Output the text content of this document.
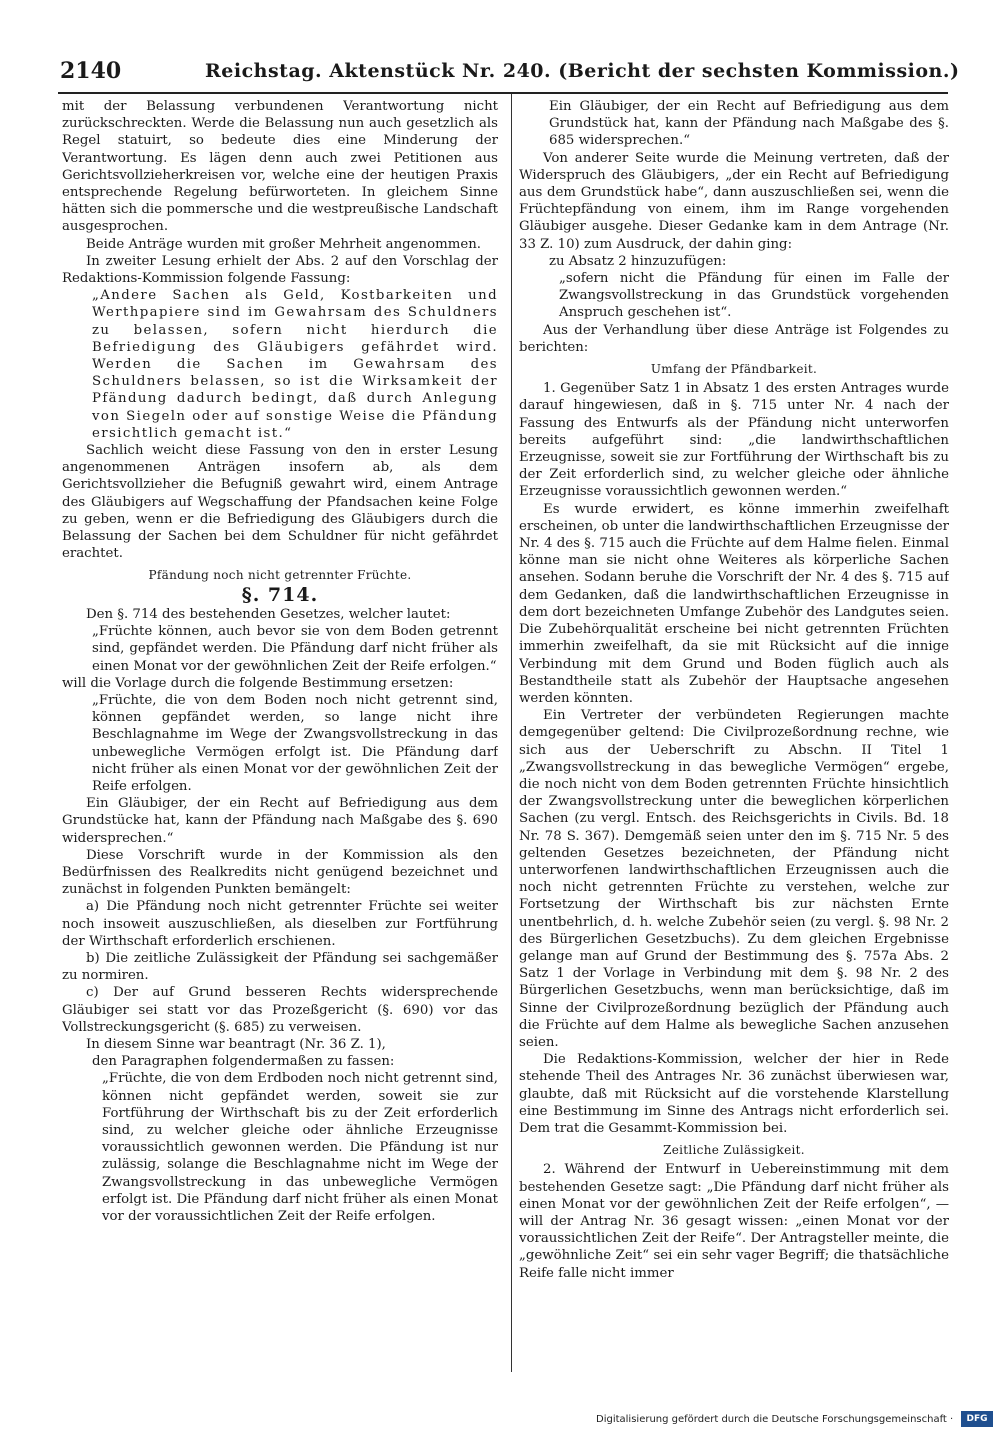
2140	Reichstag. Aktenstück Nr. 240. (Bericht der sechsten Kommission.)

mit der Belassung verbundenen Verantwortung nicht zurückschreckten. Werde die Belassung nun auch gesetzlich als Regel statuirt, so bedeute dies eine Minderung der Verantwortung. Es lägen denn auch zwei Petitionen aus Gerichtsvollzieherkreisen vor, welche eine der heutigen Praxis entsprechende Regelung befürworteten. In gleichem Sinne hätten sich die pommersche und die westpreußische Landschaft ausgesprochen.

Beide Anträge wurden mit großer Mehrheit angenommen.

In zweiter Lesung erhielt der Abs. 2 auf den Vorschlag der Redaktions-Kommission folgende Fassung:

„Andere Sachen als Geld, Kostbarkeiten und Werthpapiere sind im Gewahrsam des Schuldners zu belassen, sofern nicht hierdurch die Befriedigung des Gläubigers gefährdet wird. Werden die Sachen im Gewahrsam des Schuldners belassen, so ist die Wirksamkeit der Pfändung dadurch bedingt, daß durch Anlegung von Siegeln oder auf sonstige Weise die Pfändung ersichtlich gemacht ist.“

Sachlich weicht diese Fassung von den in erster Lesung angenommenen Anträgen insofern ab, als dem Gerichtsvollzieher die Befugniß gewahrt wird, einem Antrage des Gläubigers auf Wegschaffung der Pfandsachen keine Folge zu geben, wenn er die Befriedigung des Gläubigers durch die Belassung der Sachen bei dem Schuldner für nicht gefährdet erachtet.

Pfändung noch nicht getrennter Früchte.
§. 714.

Den §. 714 des bestehenden Gesetzes, welcher lautet:

„Früchte können, auch bevor sie von dem Boden getrennt sind, gepfändet werden. Die Pfändung darf nicht früher als einen Monat vor der gewöhnlichen Zeit der Reife erfolgen.“

will die Vorlage durch die folgende Bestimmung ersetzen:

„Früchte, die von dem Boden noch nicht getrennt sind, können gepfändet werden, so lange nicht ihre Beschlagnahme im Wege der Zwangsvollstreckung in das unbewegliche Vermögen erfolgt ist. Die Pfändung darf nicht früher als einen Monat vor der gewöhnlichen Zeit der Reife erfolgen.

Ein Gläubiger, der ein Recht auf Befriedigung aus dem Grundstücke hat, kann der Pfändung nach Maßgabe des §. 690 widersprechen.“

Diese Vorschrift wurde in der Kommission als den Bedürfnissen des Realkredits nicht genügend bezeichnet und zunächst in folgenden Punkten bemängelt:

a) Die Pfändung noch nicht getrennter Früchte sei weiter noch insoweit auszuschließen, als dieselben zur Fortführung der Wirthschaft erforderlich erschienen.

b) Die zeitliche Zulässigkeit der Pfändung sei sachgemäßer zu normiren.

c) Der auf Grund besseren Rechts widersprechende Gläubiger sei statt vor das Prozeßgericht (§. 690) vor das Vollstreckungsgericht (§. 685) zu verweisen.

In diesem Sinne war beantragt (Nr. 36 Z. 1),

den Paragraphen folgendermaßen zu fassen:

„Früchte, die von dem Erdboden noch nicht getrennt sind, können nicht gepfändet werden, soweit sie zur Fortführung der Wirthschaft bis zu der Zeit erforderlich sind, zu welcher gleiche oder ähnliche Erzeugnisse voraussichtlich gewonnen werden. Die Pfändung ist nur zulässig, solange die Beschlagnahme nicht im Wege der Zwangsvollstreckung in das unbewegliche Vermögen erfolgt ist. Die Pfändung darf nicht früher als einen Monat vor der voraussichtlichen Zeit der Reife erfolgen.

Ein Gläubiger, der ein Recht auf Befriedigung aus dem Grundstück hat, kann der Pfändung nach Maßgabe des §. 685 widersprechen.“

Von anderer Seite wurde die Meinung vertreten, daß der Widerspruch des Gläubigers, „der ein Recht auf Befriedigung aus dem Grundstück habe“, dann auszuschließen sei, wenn die Früchtepfändung von einem, ihm im Range vorgehenden Gläubiger ausgehe. Dieser Gedanke kam in dem Antrage (Nr. 33 Z. 10) zum Ausdruck, der dahin ging:

zu Absatz 2 hinzuzufügen:

„sofern nicht die Pfändung für einen im Falle der Zwangsvollstreckung in das Grundstück vorgehenden Anspruch geschehen ist“.

Aus der Verhandlung über diese Anträge ist Folgendes zu berichten:

Umfang der Pfändbarkeit.

1. Gegenüber Satz 1 in Absatz 1 des ersten Antrages wurde darauf hingewiesen, daß in §. 715 unter Nr. 4 nach der Fassung des Entwurfs als der Pfändung nicht unterworfen bereits aufgeführt sind: „die landwirthschaftlichen Erzeugnisse, soweit sie zur Fortführung der Wirthschaft bis zu der Zeit erforderlich sind, zu welcher gleiche oder ähnliche Erzeugnisse voraussichtlich gewonnen werden.“

Es wurde erwidert, es könne immerhin zweifelhaft erscheinen, ob unter die landwirthschaftlichen Erzeugnisse der Nr. 4 des §. 715 auch die Früchte auf dem Halme fielen. Einmal könne man sie nicht ohne Weiteres als körperliche Sachen ansehen. Sodann beruhe die Vorschrift der Nr. 4 des §. 715 auf dem Gedanken, daß die landwirthschaftlichen Erzeugnisse in dem dort bezeichneten Umfange Zubehör des Landgutes seien. Die Zubehörqualität erscheine bei nicht getrennten Früchten immerhin zweifelhaft, da sie mit Rücksicht auf die innige Verbindung mit dem Grund und Boden füglich auch als Bestandtheile statt als Zubehör der Hauptsache angesehen werden könnten.

Ein Vertreter der verbündeten Regierungen machte demgegenüber geltend: Die Civilprozeßordnung rechne, wie sich aus der Ueberschrift zu Abschn. II Titel 1 „Zwangsvollstreckung in das bewegliche Vermögen“ ergebe, die noch nicht von dem Boden getrennten Früchte hinsichtlich der Zwangsvollstreckung unter die beweglichen körperlichen Sachen (zu vergl. Entsch. des Reichsgerichts in Civils. Bd. 18 Nr. 78 S. 367). Demgemäß seien unter den im §. 715 Nr. 5 des geltenden Gesetzes bezeichneten, der Pfändung nicht unterworfenen landwirthschaftlichen Erzeugnissen auch die noch nicht getrennten Früchte zu verstehen, welche zur Fortsetzung der Wirthschaft bis zur nächsten Ernte unentbehrlich, d. h. welche Zubehör seien (zu vergl. §. 98 Nr. 2 des Bürgerlichen Gesetzbuchs). Zu dem gleichen Ergebnisse gelange man auf Grund der Bestimmung des §. 757a Abs. 2 Satz 1 der Vorlage in Verbindung mit dem §. 98 Nr. 2 des Bürgerlichen Gesetzbuchs, wenn man berücksichtige, daß im Sinne der Civilprozeßordnung bezüglich der Pfändung auch die Früchte auf dem Halme als bewegliche Sachen anzusehen seien.

Die Redaktions-Kommission, welcher der hier in Rede stehende Theil des Antrages Nr. 36 zunächst überwiesen war, glaubte, daß mit Rücksicht auf die vorstehende Klarstellung eine Bestimmung im Sinne des Antrags nicht erforderlich sei. Dem trat die Gesammt-Kommission bei.

Zeitliche Zulässigkeit.

2. Während der Entwurf in Uebereinstimmung mit dem bestehenden Gesetze sagt: „Die Pfändung darf nicht früher als einen Monat vor der gewöhnlichen Zeit der Reife erfolgen“, — will der Antrag Nr. 36 gesagt wissen: „einen Monat vor der voraussichtlichen Zeit der Reife“. Der Antragsteller meinte, die „gewöhnliche Zeit“ sei ein sehr vager Begriff; die thatsächliche Reife falle nicht immer

Digitalisierung gefördert durch die Deutsche Forschungsgemeinschaft ·	DFG
